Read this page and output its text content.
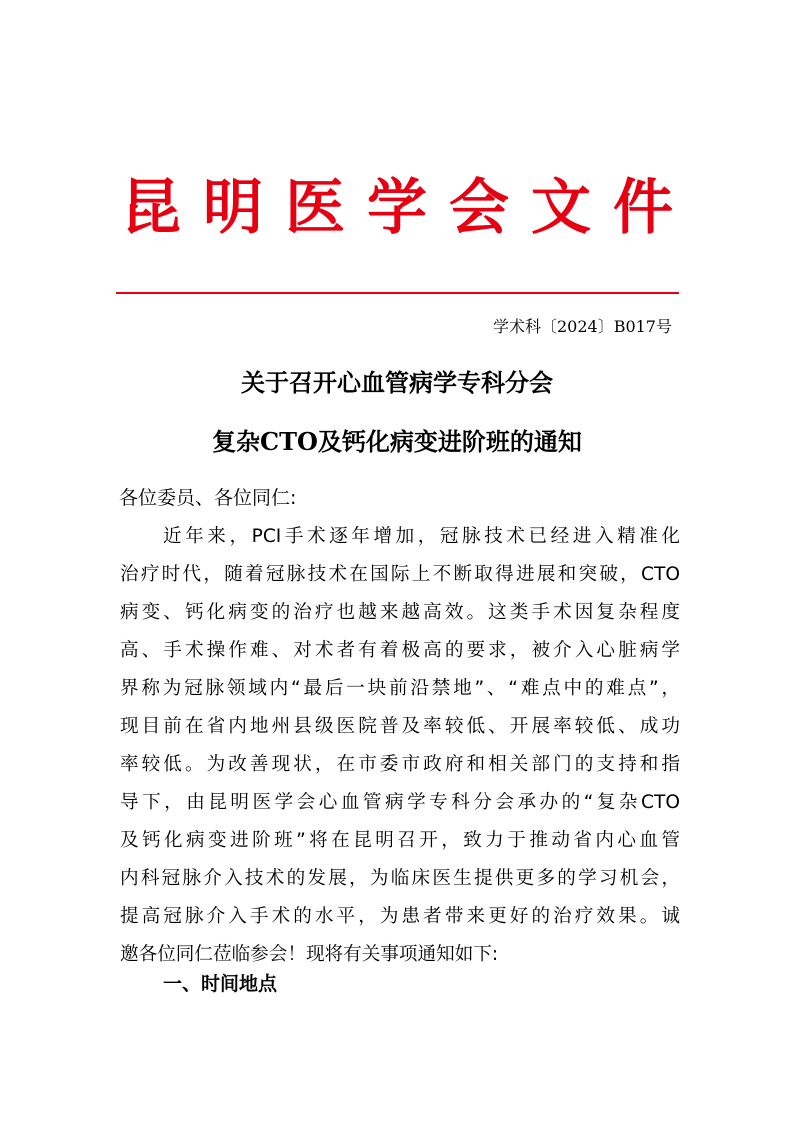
昆明医学会文件
学术科〔2024〕B017号
关于召开心血管病学专科分会
复杂CTO及钙化病变进阶班的通知
各位委员、各位同仁:
近年来，PCI手术逐年增加，冠脉技术已经进入精准化
治疗时代，随着冠脉技术在国际上不断取得进展和突破，CTO
病变、钙化病变的治疗也越来越高效。这类手术因复杂程度
高、手术操作难、对术者有着极高的要求，被介入心脏病学
界称为冠脉领域内“最后一块前沿禁地”、“难点中的难点”，
现目前在省内地州县级医院普及率较低、开展率较低、成功
率较低。为改善现状，在市委市政府和相关部门的支持和指
导下，由昆明医学会心血管病学专科分会承办的“复杂CTO
及钙化病变进阶班”将在昆明召开，致力于推动省内心血管
内科冠脉介入技术的发展，为临床医生提供更多的学习机会，
提高冠脉介入手术的水平，为患者带来更好的治疗效果。诚
邀各位同仁莅临参会！现将有关事项通知如下:
一、时间地点
